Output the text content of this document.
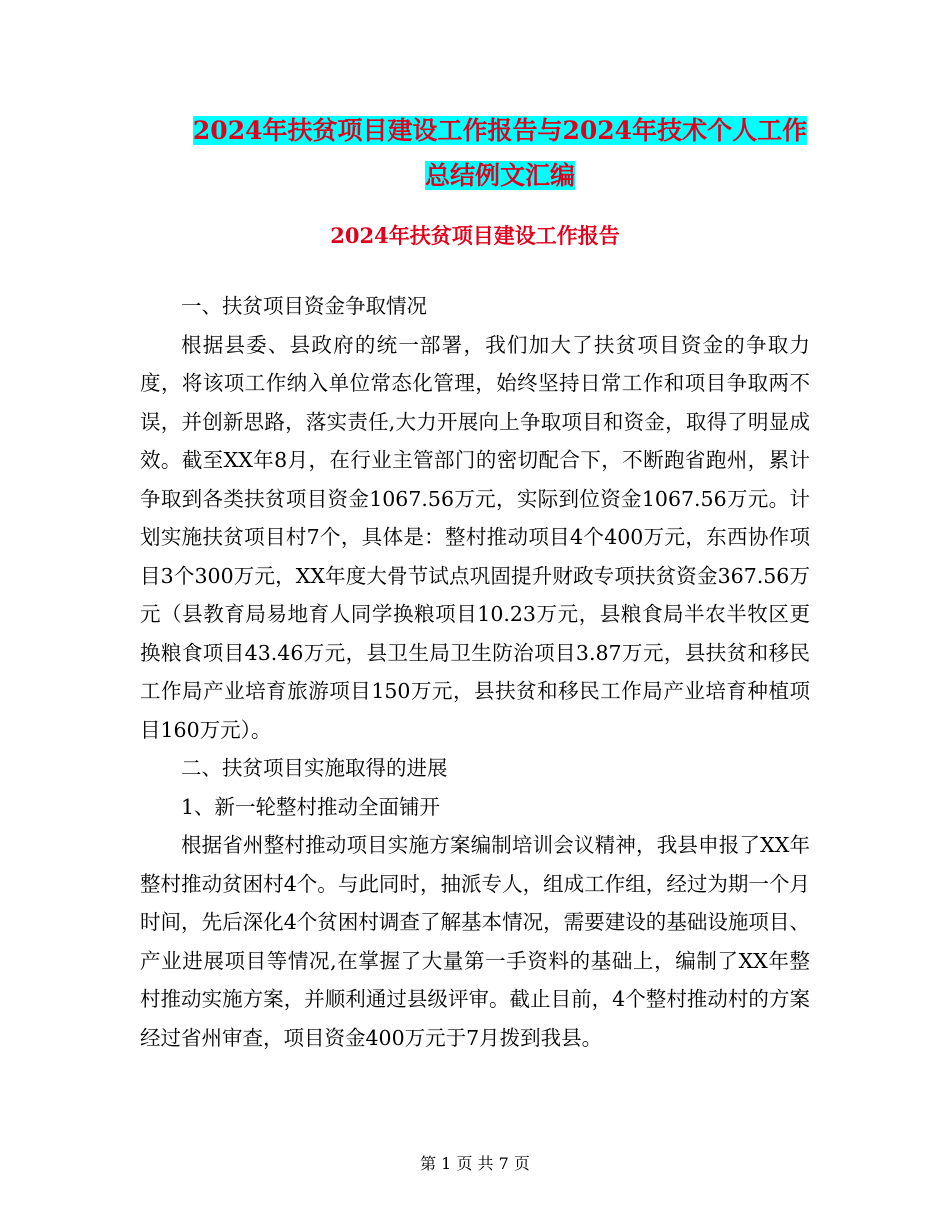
2024年扶贫项目建设工作报告与2024年技术个人工作
总结例文汇编
2024年扶贫项目建设工作报告

一、扶贫项目资金争取情况

根据县委、县政府的统一部署，我们加大了扶贫项目资金的争取力度，将该项工作纳入单位常态化管理，始终坚持日常工作和项目争取两不误，并创新思路，落实责任,大力开展向上争取项目和资金，取得了明显成效。截至XX年8月，在行业主管部门的密切配合下，不断跑省跑州，累计争取到各类扶贫项目资金1067.56万元，实际到位资金1067.56万元。计划实施扶贫项目村7个，具体是：整村推动项目4个400万元，东西协作项目3个300万元，XX年度大骨节试点巩固提升财政专项扶贫资金367.56万元（县教育局易地育人同学换粮项目10.23万元，县粮食局半农半牧区更换粮食项目43.46万元，县卫生局卫生防治项目3.87万元，县扶贫和移民工作局产业培育旅游项目150万元，县扶贫和移民工作局产业培育种植项目160万元）。

二、扶贫项目实施取得的进展

1、新一轮整村推动全面铺开

根据省州整村推动项目实施方案编制培训会议精神，我县申报了XX年整村推动贫困村4个。与此同时，抽派专人，组成工作组，经过为期一个月时间，先后深化4个贫困村调查了解基本情况，需要建设的基础设施项目、产业进展项目等情况,在掌握了大量第一手资料的基础上，编制了XX年整村推动实施方案，并顺利通过县级评审。截止目前，4个整村推动村的方案经过省州审查，项目资金400万元于7月拨到我县。

第 1 页 共 7 页
